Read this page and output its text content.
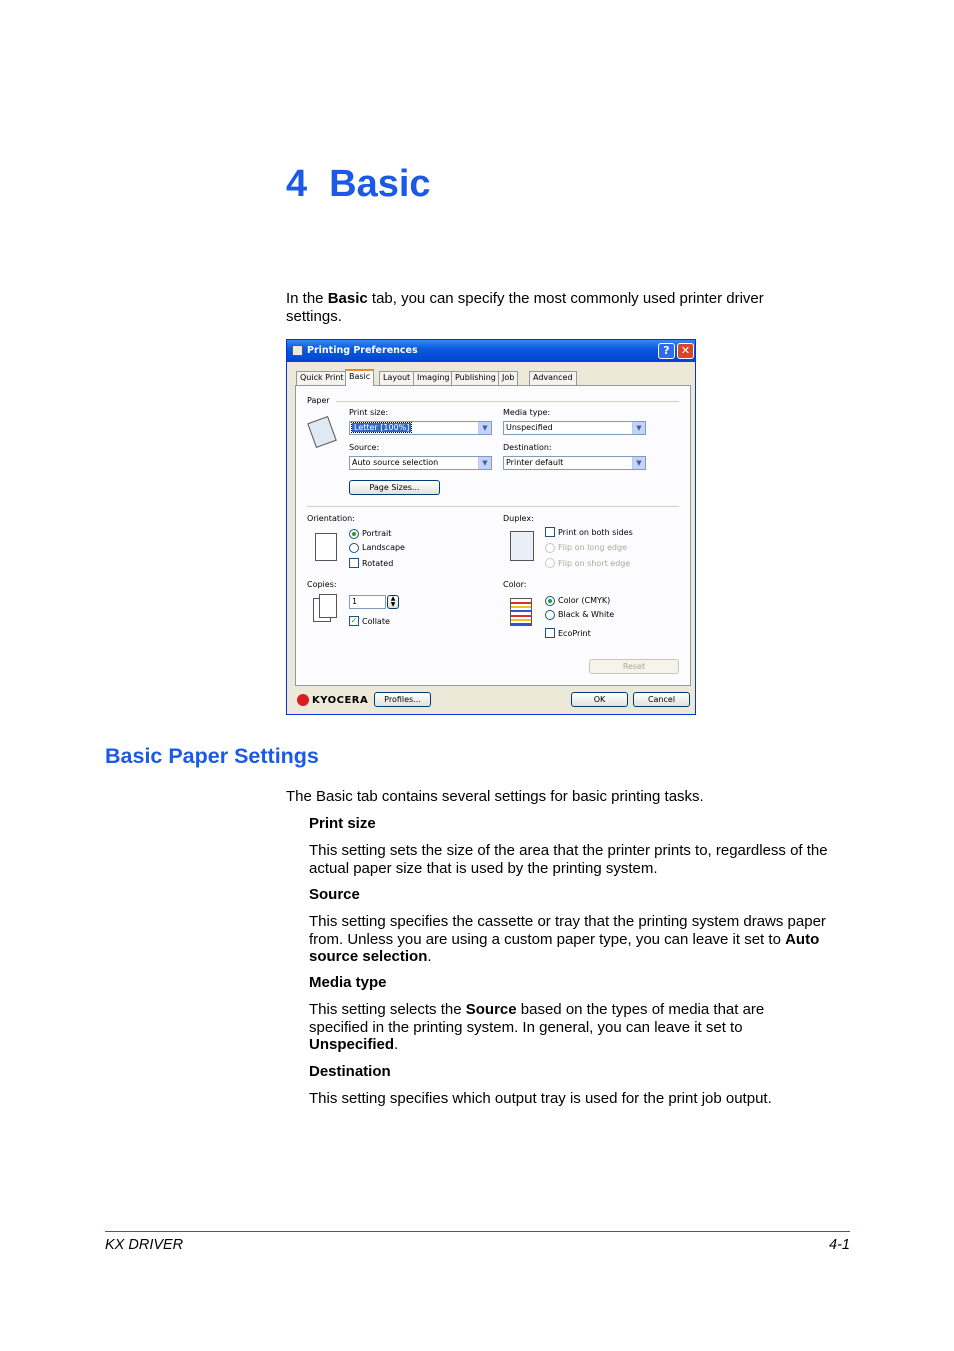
4 Basic
In the Basic tab, you can specify the most commonly used printer driver settings.
Printing Preferences	?	✕
Quick Print Basic	Layout Imaging Publishing Job	Advanced
Paper
Print size:
Letter [100%]	▼
Media type:
Unspecified	▼
Source:
Auto source selection	▼
Destination:
Printer default	▼
Page Sizes...
Orientation:
Portrait
Landscape
Rotated
Duplex:
Print on both sides
Flip on long edge
Flip on short edge
Copies:
1	▲
▼
✓ Collate
Color:
Color (CMYK)
Black & White
EcoPrint
Reset
KYOCERA	Profiles...	OK	Cancel
Basic Paper Settings
The Basic tab contains several settings for basic printing tasks.
Print size
This setting sets the size of the area that the printer prints to, regardless of the actual paper size that is used by the printing system.
Source
This setting specifies the cassette or tray that the printing system draws paper from. Unless you are using a custom paper type, you can leave it set to Auto source selection.
Media type
This setting selects the Source based on the types of media that are specified in the printing system. In general, you can leave it set to Unspecified.
Destination
This setting specifies which output tray is used for the print job output.
KX DRIVER	4-1
